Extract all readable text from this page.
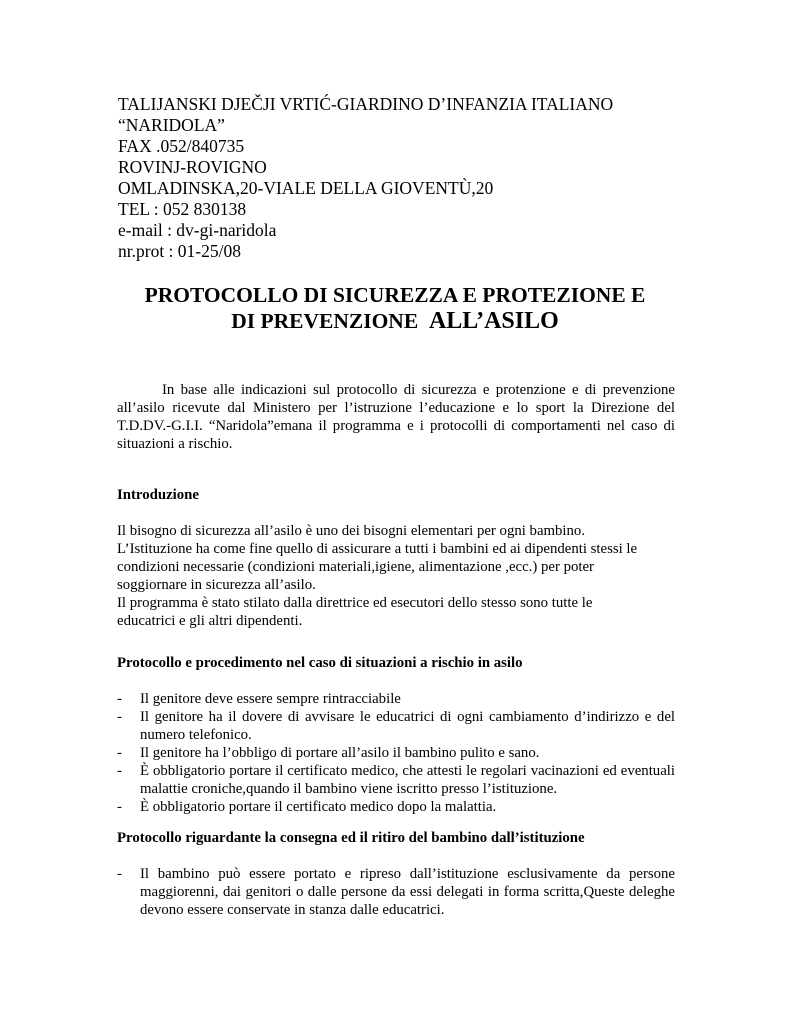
TALIJANSKI DJEČJI VRTIĆ-GIARDINO D’INFANZIA ITALIANO
“NARIDOLA”
FAX .052/840735
ROVINJ-ROVIGNO
OMLADINSKA,20-VIALE DELLA GIOVENTÙ,20
TEL : 052 830138
e-mail : dv-gi-naridola
nr.prot : 01-25/08
PROTOCOLLO DI SICUREZZA E PROTEZIONE E
DI PREVENZIONE  ALL’ASILO

In base alle indicazioni sul protocollo di sicurezza e protenzione e di prevenzione all’asilo ricevute dal Ministero per l’istruzione l’educazione e lo sport la Direzione del T.D.DV.-G.I.I. “Naridola”emana il programma e i protocolli di comportamenti nel caso di situazioni a rischio.

Introduzione
Il bisogno di sicurezza all’asilo è uno dei bisogni elementari per ogni bambino.
L’Istituzione ha come fine quello di assicurare a tutti i bambini ed ai dipendenti stessi le
condizioni necessarie (condizioni materiali,igiene, alimentazione ,ecc.) per poter
soggiornare in sicurezza all’asilo.
Il programma è stato stilato dalla direttrice ed esecutori dello stesso sono tutte le
educatrici e gli altri dipendenti.
Protocollo e procedimento nel caso di situazioni a rischio in asilo
- Il genitore deve essere sempre rintracciabile
- Il genitore ha il dovere di avvisare le educatrici di ogni cambiamento d’indirizzo e del numero telefonico.
- Il genitore ha l’obbligo di portare all’asilo il bambino pulito e sano.
- È obbligatorio portare il certificato medico, che attesti le regolari vacinazioni ed eventuali malattie croniche,quando il bambino viene iscritto presso l’istituzione.
- È obbligatorio portare il certificato medico dopo la malattia.
Protocollo riguardante la consegna ed il ritiro del bambino dall’istituzione
- Il bambino può essere portato e ripreso dall’istituzione esclusivamente da persone maggiorenni, dai genitori o dalle persone da essi delegati in forma scritta,Queste deleghe devono essere conservate in stanza dalle educatrici.
